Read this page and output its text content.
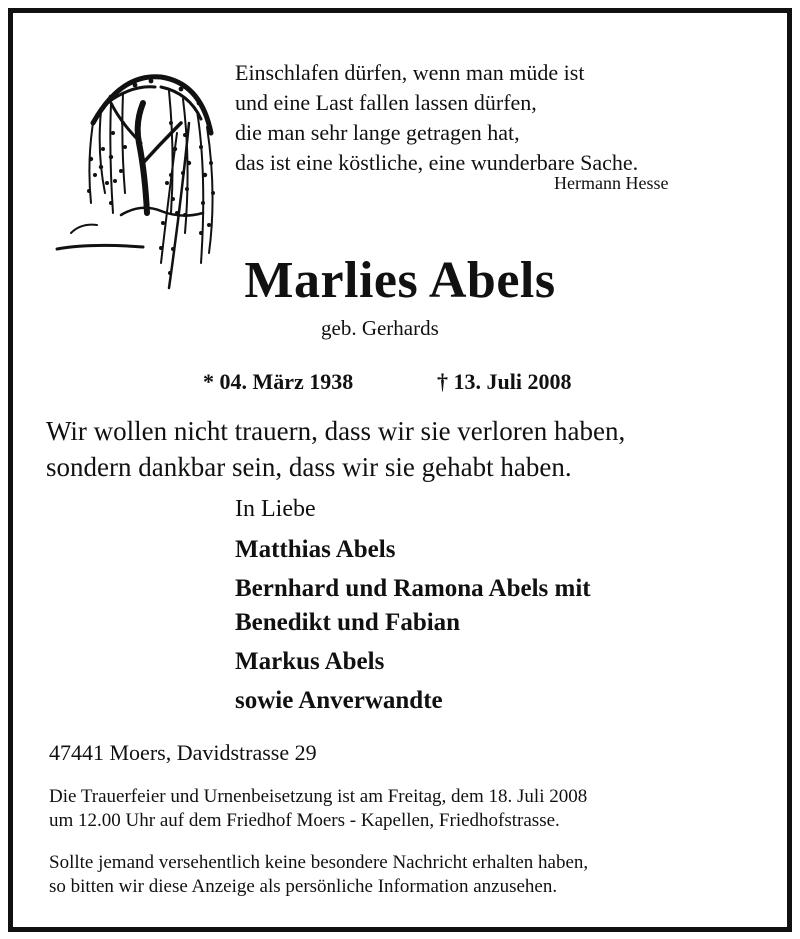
Einschlafen dürfen, wenn man müde ist
und eine Last fallen lassen dürfen,
die man sehr lange getragen hat,
das ist eine köstliche, eine wunderbare Sache.
Hermann Hesse
Marlies Abels
geb. Gerhards
* 04. März 1938	† 13. Juli 2008
Wir wollen nicht trauern, dass wir sie verloren haben,
sondern dankbar sein, dass wir sie gehabt haben.
In Liebe
Matthias Abels
Bernhard und Ramona Abels mit
Benedikt und Fabian
Markus Abels
sowie Anverwandte
47441 Moers, Davidstrasse 29
Die Trauerfeier und Urnenbeisetzung ist am Freitag, dem 18. Juli 2008
um 12.00 Uhr auf dem Friedhof Moers - Kapellen, Friedhofstrasse.
Sollte jemand versehentlich keine besondere Nachricht erhalten haben,
so bitten wir diese Anzeige als persönliche Information anzusehen.
